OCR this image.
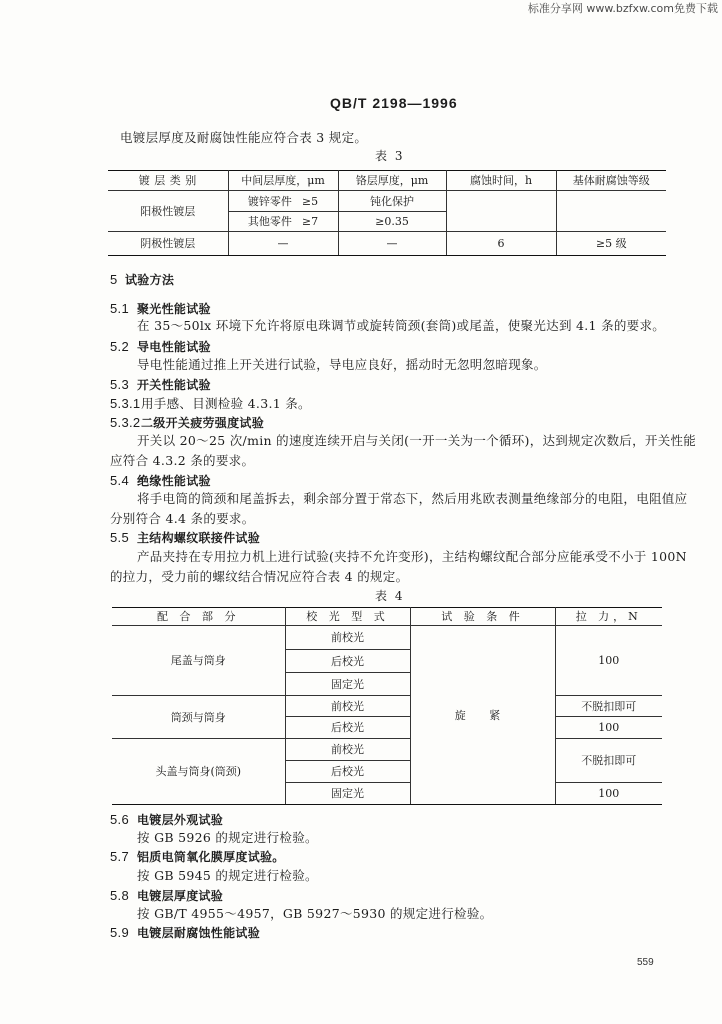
标准分享网 www.bzfxw.com免费下载
QB/T 2198—1996
电镀层厚度及耐腐蚀性能应符合表 3 规定。
表 3
镀 层 类 别	中间层厚度，μm	铬层厚度，μm	腐蚀时间，h	基体耐腐蚀等级
阳极性镀层	镀锌零件 ≥5	钝化保护		
	其他零件 ≥7	≥0.35		
阴极性镀层	—	—	6	≥5 级
5 试验方法
5.1 聚光性能试验
在 35～50lx 环境下允许将原电珠调节或旋转筒颈(套筒)或尾盖，使聚光达到 4.1 条的要求。
5.2 导电性能试验
导电性能通过推上开关进行试验，导电应良好，摇动时无忽明忽暗现象。
5.3 开关性能试验
5.3.1用手感、目测检验 4.3.1 条。
5.3.2二级开关疲劳强度试验
开关以 20～25 次/min 的速度连续开启与关闭(一开一关为一个循环)，达到规定次数后，开关性能
应符合 4.3.2 条的要求。
5.4 绝缘性能试验
将手电筒的筒颈和尾盖拆去，剩余部分置于常态下，然后用兆欧表测量绝缘部分的电阻，电阻值应
分别符合 4.4 条的要求。
5.5 主结构螺纹联接件试验
产品夹持在专用拉力机上进行试验(夹持不允许变形)，主结构螺纹配合部分应能承受不小于 100N
的拉力，受力前的螺纹结合情况应符合表 4 的规定。
表 4
配 合 部 分	校 光 型 式	试 验 条 件	拉 力，N
尾盖与筒身	前校光	旋 紧	100
	后校光		
	固定光		
筒颈与筒身	前校光		不脱扣即可
	后校光		100
头盖与筒身(筒颈)	前校光		不脱扣即可
	后校光		
	固定光		100
5.6 电镀层外观试验
按 GB 5926 的规定进行检验。
5.7 铝质电筒氧化膜厚度试验。
按 GB 5945 的规定进行检验。
5.8 电镀层厚度试验
按 GB/T 4955～4957，GB 5927～5930 的规定进行检验。
5.9 电镀层耐腐蚀性能试验
559
